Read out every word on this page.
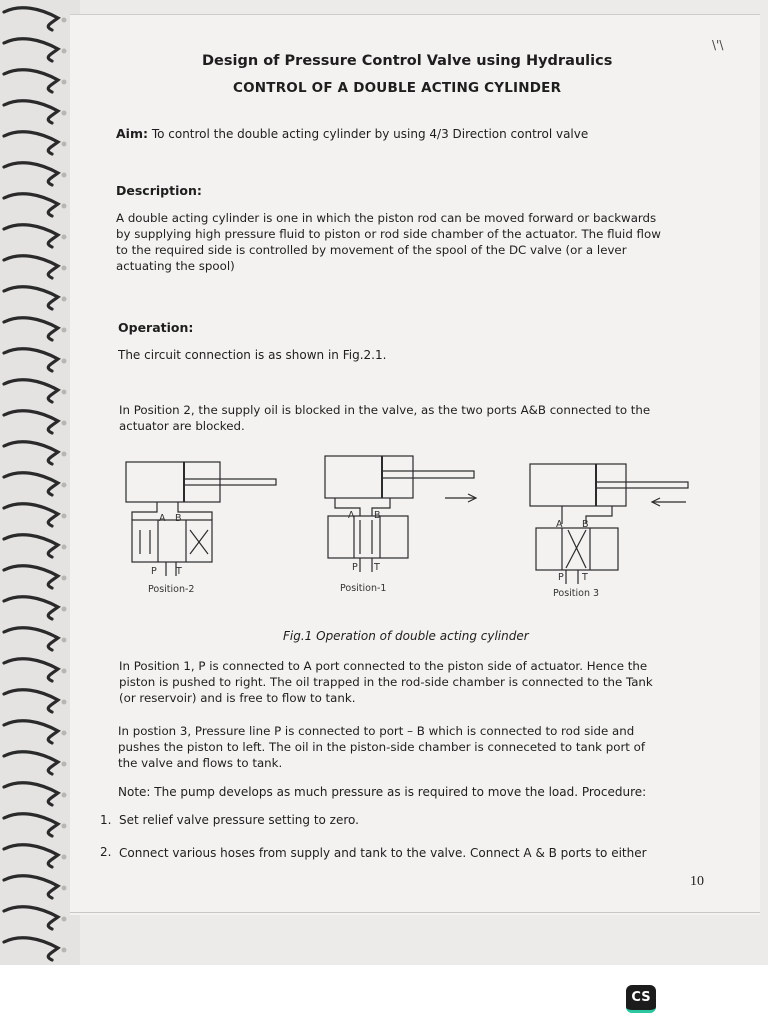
\'\
Design of Pressure Control Valve using Hydraulics
CONTROL OF A DOUBLE ACTING CYLINDER
Aim: To control the double acting cylinder by using 4/3 Direction control valve
Description:
A double acting cylinder is one in which the piston rod can be moved forward or backwards
by supplying high pressure fluid to piston or rod side chamber of the actuator. The fluid flow
to the required side is controlled by movement of the spool of the DC valve (or a lever
actuating the spool)
Operation:
The circuit connection is as shown in Fig.2.1.
In Position 2, the supply oil is blocked in the valve, as the two ports A&B connected to the
actuator are blocked.
A B
P T
Position-2
A B
P T
Position-1
A B
P T
Position 3
Fig.1 Operation of double acting cylinder
In Position 1, P is connected to A port connected to the piston side of actuator. Hence the
piston is pushed to right. The oil trapped in the rod-side chamber is connected to the Tank
(or reservoir) and is free to flow to tank.
In postion 3, Pressure line P is connected to port – B which is connected to rod side and
pushes the piston to left. The oil in the piston-side chamber is conneceted to tank port of
the valve and flows to tank.
Note: The pump develops as much pressure as is required to move the load. Procedure:
1. Set relief valve pressure setting to zero.
2. Connect various hoses from supply and tank to the valve. Connect A & B ports to either
10
CS
